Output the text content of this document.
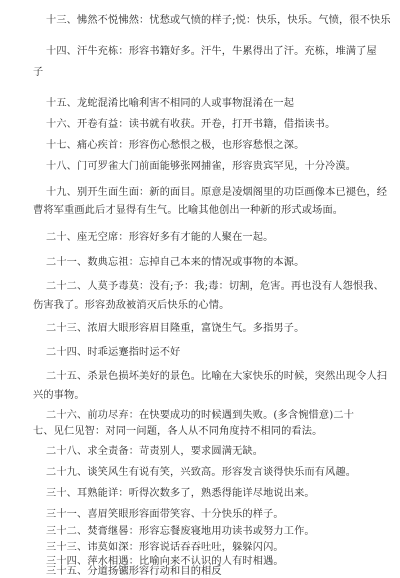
十三、怫然不悦怫然：忧愁或气愤的样子;悦：快乐，快乐。气愤，很不快乐
十四、汗牛充栋：形容书籍好多。汗牛，牛累得出了汗。充栋，堆满了屋
子
十五、龙蛇混淆比喻利害不相同的人或事物混淆在一起
十六、开卷有益：读书就有收获。开卷，打开书籍，借指读书。
十七、痛心疾首：形容伤心愁恨之极，也形容愁恨之深。
十八、门可罗雀大门前面能够张网捕雀，形容贵宾罕见，十分冷漠。
十九、别开生面生面：新的面目。原意是凌烟阁里的功臣画像本已褪色，经
曹将军重画此后才显得有生气。比喻其他创出一种新的形式或场面。
二十、座无空席：形容好多有才能的人聚在一起。
二十一、数典忘祖：忘掉自己本来的情况或事物的本源。
二十二、人莫予毒莫：没有;予：我;毒：切割，危害。再也没有人怨恨我、
伤害我了。形容劲敌被消灭后快乐的心情。
二十三、浓眉大眼形容眉目隆重，富饶生气。多指男子。
二十四、时乖运蹇指时运不好
二十五、杀景色损坏美好的景色。比喻在大家快乐的时候，突然出现令人扫
兴的事物。
二十六、前功尽弃：在快要成功的时候遇到失败。(多含惋惜意)二十
七、见仁见智：对同一问题，各人从不同角度持不相同的看法。
二十八、求全责备：苛责别人，要求圆满无缺。
二十九、谈笑风生有说有笑，兴致高。形容发言谈得快乐而有风趣。
三十、耳熟能详：听得次数多了，熟悉得能详尽地说出来。
三十一、喜眉笑眼形容面带笑容、十分快乐的样子。
三十二、焚膏继晷：形容忘餐废寝地用功读书或努力工作。
三十三、讳莫如深：形容说话吞吞吐吐，躲躲闪闪。
三十四、萍水相遇：比喻向来不认识的人有时相遇。
三十五、分道扬镳形容行动和目的相反
